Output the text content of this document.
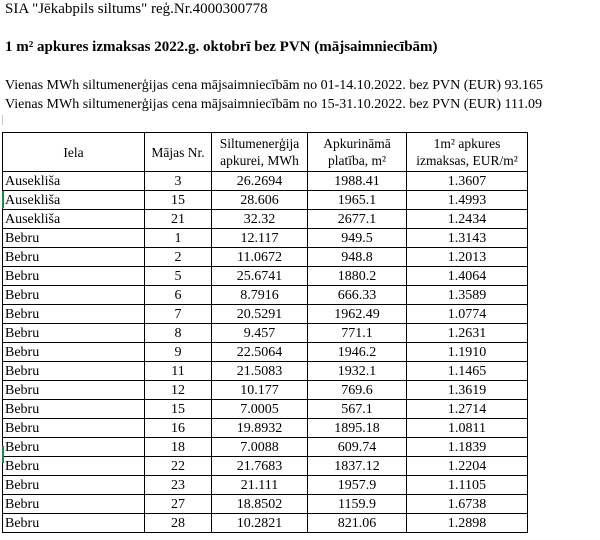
SIA "Jēkabpils siltums" reģ.Nr.4000300778
1 m² apkures izmaksas 2022.g. oktobrī bez PVN (mājsaimniecībām)
Vienas MWh siltumenerģijas cena mājsaimniecībām no 01-14.10.2022. bez PVN (EUR) 93.165
Vienas MWh siltumenerģijas cena mājsaimniecībām no 15-31.10.2022. bez PVN (EUR) 111.09
Iela	Mājas Nr.	Siltumenerģija apkurei, MWh	Apkurināmā platība, m²	1m² apkures izmaksas, EUR/m²
Ausekliša	3	26.2694	1988.41	1.3607
Ausekliša	15	28.606	1965.1	1.4993
Ausekliša	21	32.32	2677.1	1.2434
Bebru	1	12.117	949.5	1.3143
Bebru	2	11.0672	948.8	1.2013
Bebru	5	25.6741	1880.2	1.4064
Bebru	6	8.7916	666.33	1.3589
Bebru	7	20.5291	1962.49	1.0774
Bebru	8	9.457	771.1	1.2631
Bebru	9	22.5064	1946.2	1.1910
Bebru	11	21.5083	1932.1	1.1465
Bebru	12	10.177	769.6	1.3619
Bebru	15	7.0005	567.1	1.2714
Bebru	16	19.8932	1895.18	1.0811
Bebru	18	7.0088	609.74	1.1839
Bebru	22	21.7683	1837.12	1.2204
Bebru	23	21.111	1957.9	1.1105
Bebru	27	18.8502	1159.9	1.6738
Bebru	28	10.2821	821.06	1.2898
